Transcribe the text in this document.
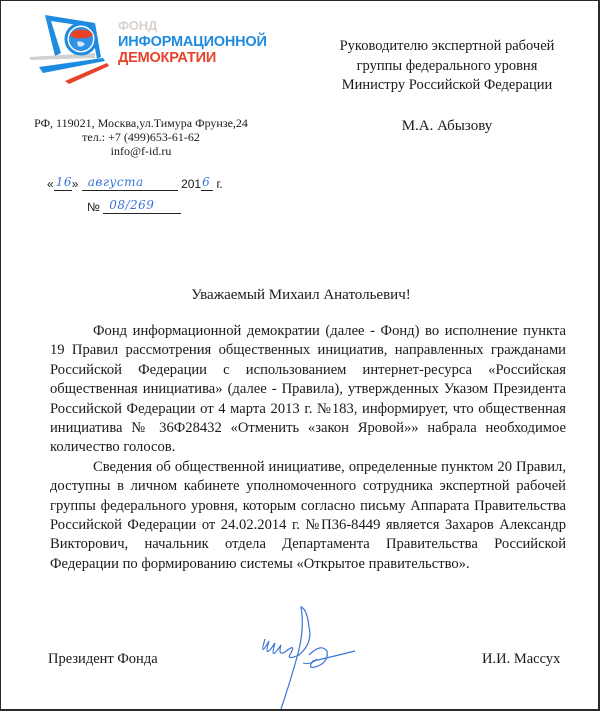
ФОНД
ИНФОРМАЦИОННОЙ
ДЕМОКРАТИИ
РФ, 119021, Москва,ул.Тимура Фрунзе,24
тел.: +7 (499)653-61-62
info@f-id.ru
Руководителю экспертной рабочей
группы федерального уровня
Министру Российской Федерации
М.А. Абызову
« 16 » августа	201 6 г.
№ 08/269
Уважаемый Михаил Анатольевич!

Фонд информационной демократии (далее - Фонд) во исполнение пункта 19 Правил рассмотрения общественных инициатив, направленных гражданами Российской Федерации с использованием интернет-ресурса «Российская общественная инициатива» (далее - Правила), утвержденных Указом Президента Российской Федерации от 4 марта 2013 г. №183, информирует, что общественная инициатива № 36Ф28432 «Отменить «закон Яровой»» набрала необходимое количество голосов.

Сведения об общественной инициативе, определенные пунктом 20 Правил, доступны в личном кабинете уполномоченного сотрудника экспертной рабочей группы федерального уровня, которым согласно письму Аппарата Правительства Российской Федерации от 24.02.2014 г. №П36-8449 является Захаров Александр Викторович, начальник отдела Департамента Правительства Российской Федерации по формированию системы «Открытое правительство».

Президент Фонда	И.И. Массух
